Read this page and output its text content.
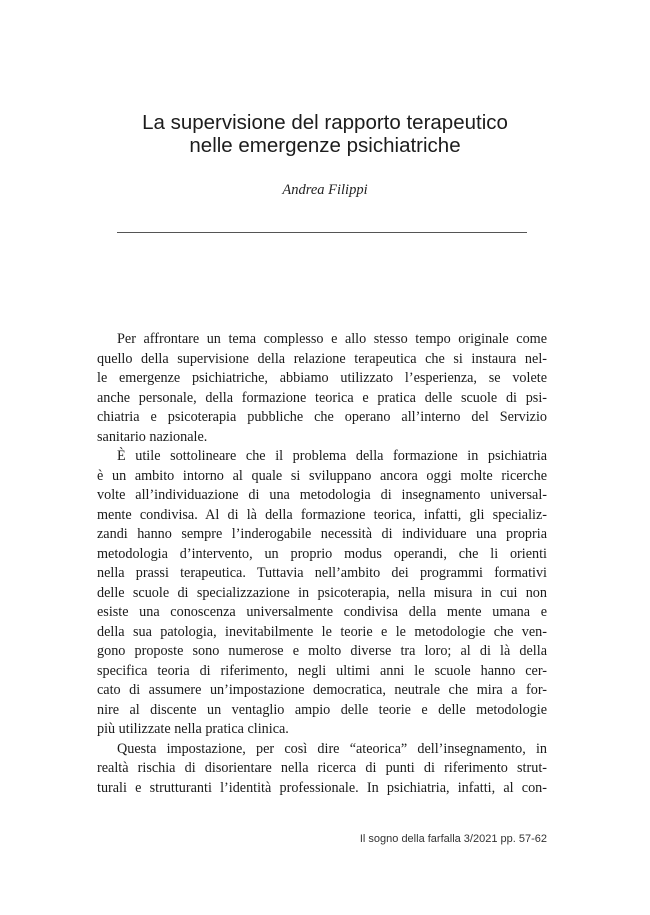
La supervisione del rapporto terapeutico
nelle emergenze psichiatriche
Andrea Filippi
Per affrontare un tema complesso e allo stesso tempo originale come
quello della supervisione della relazione terapeutica che si instaura nel-
le emergenze psichiatriche, abbiamo utilizzato l’esperienza, se volete
anche personale, della formazione teorica e pratica delle scuole di psi-
chiatria e psicoterapia pubbliche che operano all’interno del Servizio
sanitario nazionale.
È utile sottolineare che il problema della formazione in psichiatria
è un ambito intorno al quale si sviluppano ancora oggi molte ricerche
volte all’individuazione di una metodologia di insegnamento universal-
mente condivisa. Al di là della formazione teorica, infatti, gli specializ-
zandi hanno sempre l’inderogabile necessità di individuare una propria
metodologia d’intervento, un proprio modus operandi, che li orienti
nella prassi terapeutica. Tuttavia nell’ambito dei programmi formativi
delle scuole di specializzazione in psicoterapia, nella misura in cui non
esiste una conoscenza universalmente condivisa della mente umana e
della sua patologia, inevitabilmente le teorie e le metodologie che ven-
gono proposte sono numerose e molto diverse tra loro; al di là della
specifica teoria di riferimento, negli ultimi anni le scuole hanno cer-
cato di assumere un’impostazione democratica, neutrale che mira a for-
nire al discente un ventaglio ampio delle teorie e delle metodologie
più utilizzate nella pratica clinica.
Questa impostazione, per così dire “ateorica” dell’insegnamento, in
realtà rischia di disorientare nella ricerca di punti di riferimento strut-
turali e strutturanti l’identità professionale. In psichiatria, infatti, al con-
Il sogno della farfalla 3/2021 pp. 57-62
